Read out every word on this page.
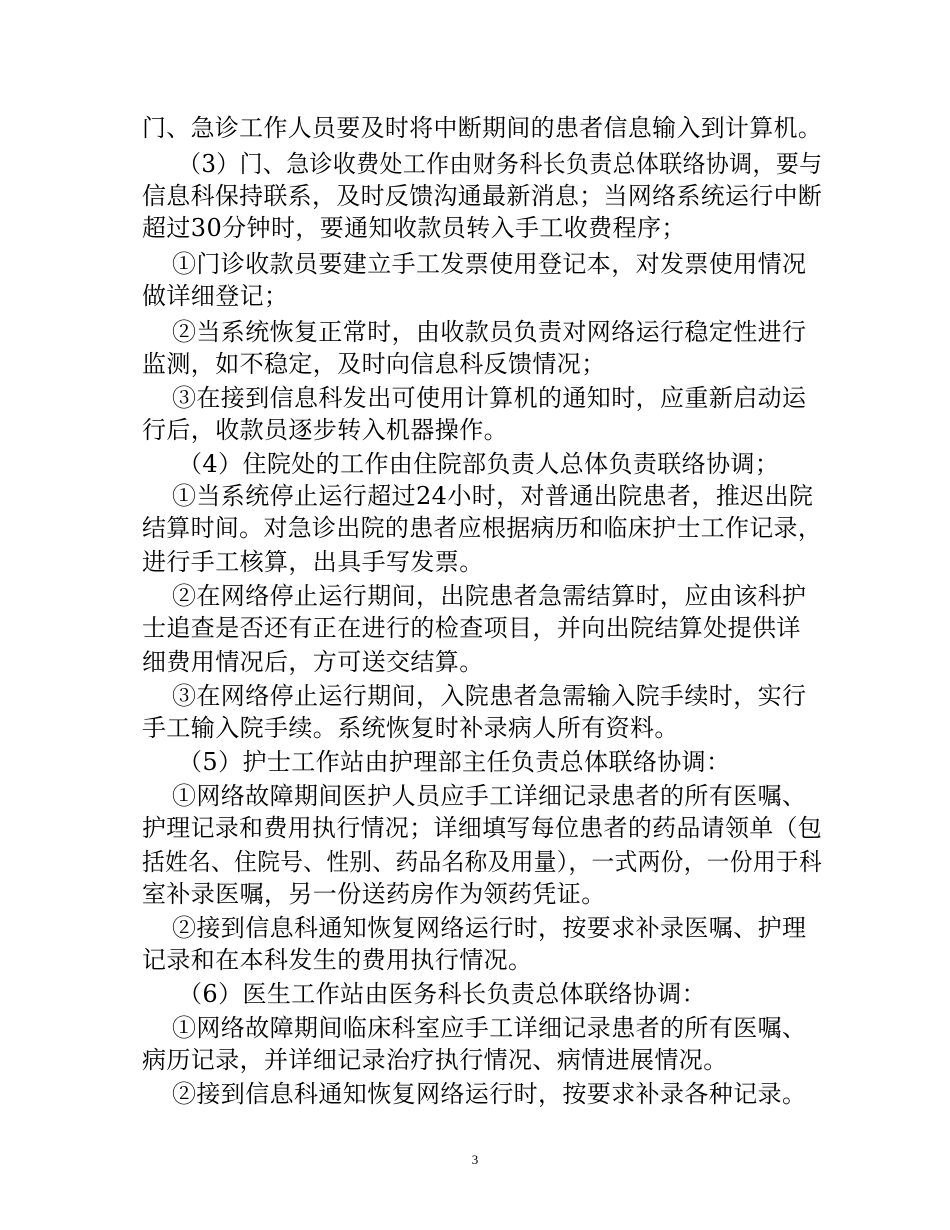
门、急诊工作人员要及时将中断期间的患者信息输入到计算机。
（3）门、急诊收费处工作由财务科长负责总体联络协调，要与
信息科保持联系，及时反馈沟通最新消息；当网络系统运行中断
超过30分钟时，要通知收款员转入手工收费程序；
①门诊收款员要建立手工发票使用登记本，对发票使用情况
做详细登记；
②当系统恢复正常时，由收款员负责对网络运行稳定性进行
监测，如不稳定，及时向信息科反馈情况；
③在接到信息科发出可使用计算机的通知时，应重新启动运
行后，收款员逐步转入机器操作。
（4）住院处的工作由住院部负责人总体负责联络协调；
①当系统停止运行超过24小时，对普通出院患者，推迟出院
结算时间。对急诊出院的患者应根据病历和临床护士工作记录，
进行手工核算，出具手写发票。
②在网络停止运行期间，出院患者急需结算时，应由该科护
士追查是否还有正在进行的检查项目，并向出院结算处提供详
细费用情况后，方可送交结算。
③在网络停止运行期间，入院患者急需输入院手续时，实行
手工输入院手续。系统恢复时补录病人所有资料。
（5）护士工作站由护理部主任负责总体联络协调：
①网络故障期间医护人员应手工详细记录患者的所有医嘱、
护理记录和费用执行情况；详细填写每位患者的药品请领单（包
括姓名、住院号、性别、药品名称及用量），一式两份，一份用于科
室补录医嘱，另一份送药房作为领药凭证。
②接到信息科通知恢复网络运行时，按要求补录医嘱、护理
记录和在本科发生的费用执行情况。
（6）医生工作站由医务科长负责总体联络协调：
①网络故障期间临床科室应手工详细记录患者的所有医嘱、
病历记录，并详细记录治疗执行情况、病情进展情况。
②接到信息科通知恢复网络运行时，按要求补录各种记录。
3
